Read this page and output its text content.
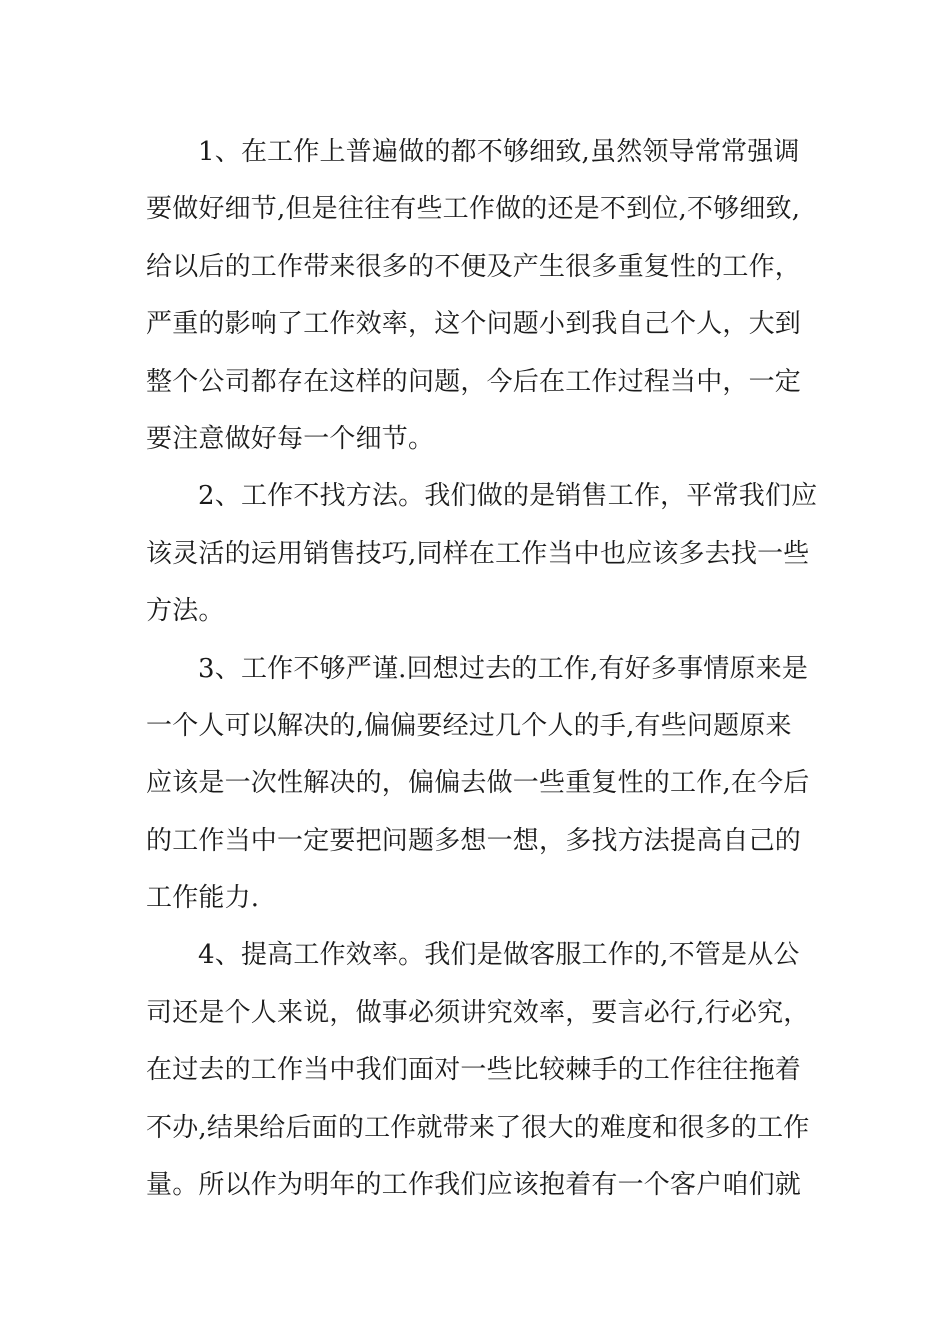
1、在工作上普遍做的都不够细致,虽然领导常常强调
要做好细节,但是往往有些工作做的还是不到位,不够细致,
给以后的工作带来很多的不便及产生很多重复性的工作，
严重的影响了工作效率，这个问题小到我自己个人，大到
整个公司都存在这样的问题，今后在工作过程当中，一定
要注意做好每一个细节。
2、工作不找方法。我们做的是销售工作，平常我们应
该灵活的运用销售技巧,同样在工作当中也应该多去找一些
方法。
3、工作不够严谨.回想过去的工作,有好多事情原来是
一个人可以解决的,偏偏要经过几个人的手,有些问题原来
应该是一次性解决的，偏偏去做一些重复性的工作,在今后
的工作当中一定要把问题多想一想，多找方法提高自己的
工作能力.
4、提高工作效率。我们是做客服工作的,不管是从公
司还是个人来说，做事必须讲究效率，要言必行,行必究，
在过去的工作当中我们面对一些比较棘手的工作往往拖着
不办,结果给后面的工作就带来了很大的难度和很多的工作
量。所以作为明年的工作我们应该抱着有一个客户咱们就
